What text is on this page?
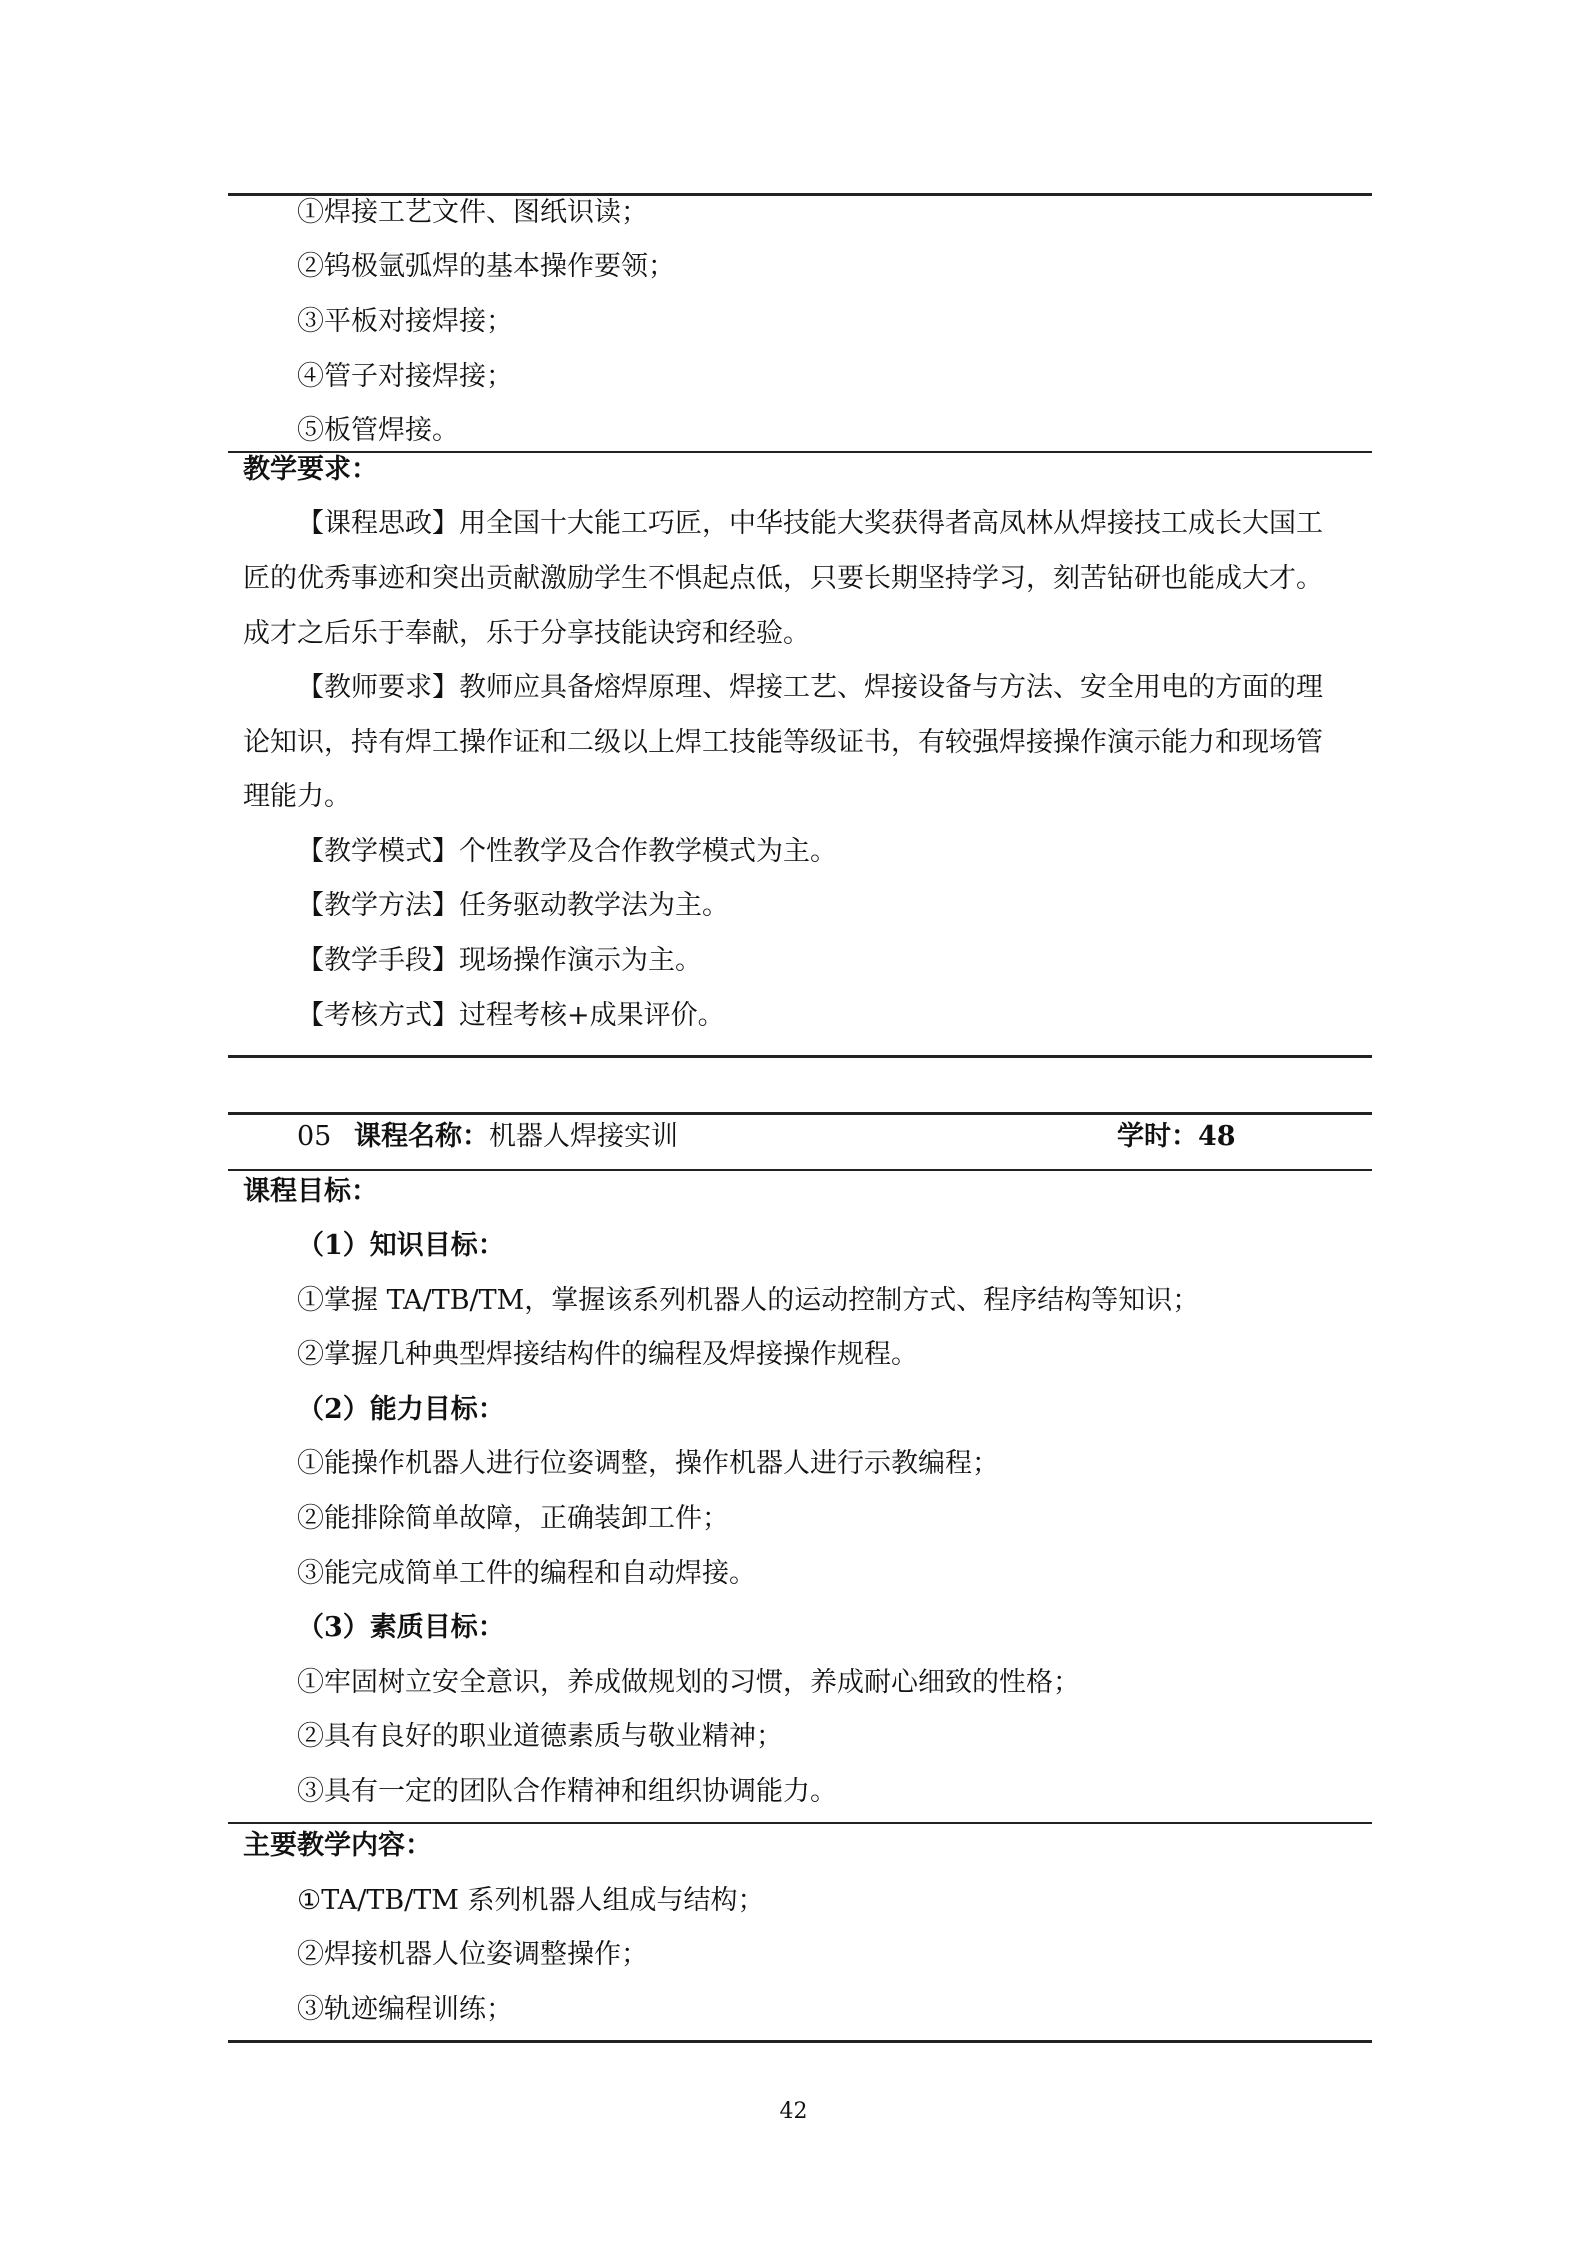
①焊接工艺文件、图纸识读；
②钨极氩弧焊的基本操作要领；
③平板对接焊接；
④管子对接焊接；
⑤板管焊接。
教学要求：
【课程思政】用全国十大能工巧匠，中华技能大奖获得者高凤林从焊接技工成长大国工
匠的优秀事迹和突出贡献激励学生不惧起点低，只要长期坚持学习，刻苦钻研也能成大才。
成才之后乐于奉献，乐于分享技能诀窍和经验。
【教师要求】教师应具备熔焊原理、焊接工艺、焊接设备与方法、安全用电的方面的理
论知识，持有焊工操作证和二级以上焊工技能等级证书，有较强焊接操作演示能力和现场管
理能力。
【教学模式】个性教学及合作教学模式为主。
【教学方法】任务驱动教学法为主。
【教学手段】现场操作演示为主。
【考核方式】过程考核+成果评价。
05 课程名称：机器人焊接实训	学时：48
课程目标：
（1）知识目标：
①掌握 TA/TB/TM，掌握该系列机器人的运动控制方式、程序结构等知识；
②掌握几种典型焊接结构件的编程及焊接操作规程。
（2）能力目标：
①能操作机器人进行位姿调整，操作机器人进行示教编程；
②能排除简单故障，正确装卸工件；
③能完成简单工件的编程和自动焊接。
（3）素质目标：
①牢固树立安全意识，养成做规划的习惯，养成耐心细致的性格；
②具有良好的职业道德素质与敬业精神；
③具有一定的团队合作精神和组织协调能力。
主要教学内容：
①TA/TB/TM 系列机器人组成与结构；
②焊接机器人位姿调整操作；
③轨迹编程训练；
42
